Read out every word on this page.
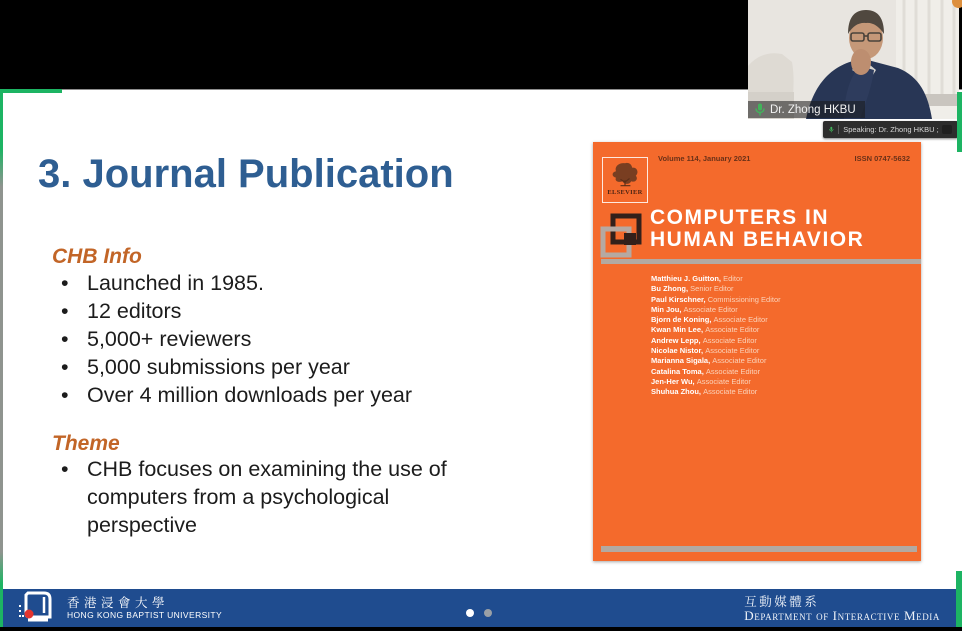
3. Journal Publication
CHB Info
• Launched in 1985.
• 12 editors
• 5,000+ reviewers
• 5,000 submissions per year
• Over 4 million downloads per year
Theme
• CHB focuses on examining the use of computers from a psychological perspective
ELSEVIER
Volume 114, January 2021	ISSN 0747-5632
COMPUTERS IN
HUMAN BEHAVIOR
Matthieu J. Guitton , Editor
Bu Zhong , Senior Editor
Paul Kirschner , Commissioning Editor
Min Jou , Associate Editor
Bjorn de Koning , Associate Editor
Kwan Min Lee , Associate Editor
Andrew Lepp , Associate Editor
Nicolae Nistor , Associate Editor
Marianna Sigala , Associate Editor
Catalina Toma , Associate Editor
Jen-Her Wu , Associate Editor
Shuhua Zhou , Associate Editor
Dr. Zhong HKBU
Speaking: Dr. Zhong HKBU ;
香港浸會大學
HONG KONG BAPTIST UNIVERSITY
互動媒體系
Department of Interactive Media
